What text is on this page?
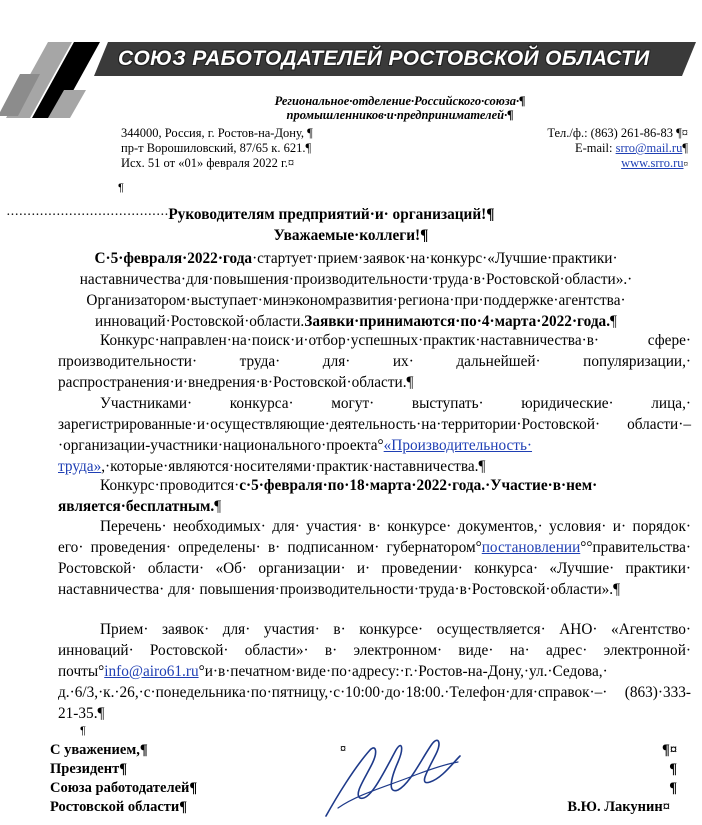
¶ СОЮЗ РАБОТОДАТЕЛЕЙ РОСТОВСКОЙ ОБЛАСТИ
Региональное·отделение·Российского·союза·¶
промышленников·и·предпринимателей·¶
344000, Россия, г. Ростов-на-Дону, ¶
пр-т Ворошиловский, 87/65 к. 621.¶
Исх. 51 от «01» февраля 2022 г.¤
Тел./ф.: (863) 261-86-83 ¶¤
E-mail: srro@mail.ru¶
www.srro.ru¤
¶
·······································Руководителям предприятий·и· организаций!¶
Уважаемые·коллеги!¶
С·5·февраля·2022·года·стартует·прием·заявок·на·конкурс·«Лучшие·практики· наставничества·для·повышения·производительности·труда·в·Ростовской·области».· Организатором·выступает·минэкономразвития·региона·при·поддержке·агентства· инноваций·Ростовской·области.Заявки·принимаются·по·4·марта·2022·года.¶
Конкурс·направлен·на·поиск·и·отбор·успешных·практик·наставничества·в· сфере· производительности· труда· для· их· дальнейшей· популяризации,· распространения·и·внедрения·в·Ростовской·области.¶
Участниками· конкурса· могут· выступать· юридические· лица,· зарегистрированные·и·осуществляющие·деятельность·на·территории·Ростовской· области·–·организации-участники·национального·проекта°«Производительность· труда»,·которые·являются·носителями·практик·наставничества.¶
Конкурс·проводится·с·5·февраля·по·18·марта·2022·года.·Участие·в·нем· является·бесплатным.¶
Перечень· необходимых· для· участия· в· конкурсе· документов,· условия· и· порядок· его· проведения· определены· в· подписанном· губернатором°постановлении°°правительства· Ростовской· области· «Об· организации· и· проведении· конкурса· «Лучшие· практики· наставничества· для· повышения·производительности·труда·в·Ростовской·области».¶
Прием· заявок· для· участия· в· конкурсе· осуществляется· АНО· «Агентство· инноваций· Ростовской· области»· в· электронном· виде· на· адрес· электронной· почты°info@airo61.ru°и·в·печатном·виде·по·адресу:·г.·Ростов-на-Дону,·ул.·Седова,· д.·6/3,·к.·26,·с·понедельника·по·пятницу,·с·10:00·до·18:00.·Телефон·для·справок·–· (863)·333-21-35.¶
¶
С уважением,¶
Президент¶
Союза работодателей¶
Ростовской области¶
¤	¶¤
¶
¶
В.Ю. Лакунин¤
